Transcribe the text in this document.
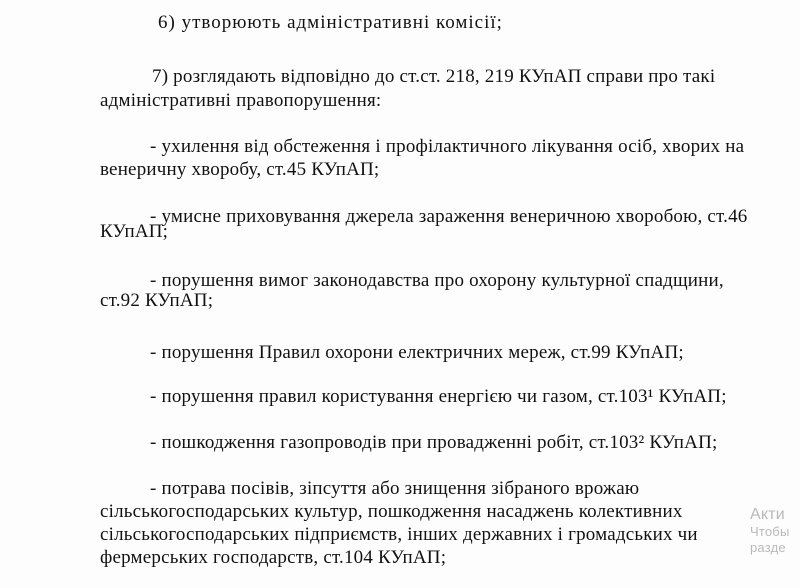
6) утворюють адміністративні комісії;
7) розглядають відповідно до ст.ст. 218, 219 КУпАП справи про такі
адміністративні правопорушення:
- ухилення від обстеження і профілактичного лікування осіб, хворих на
венеричну хворобу, ст.45 КУпАП;
- умисне приховування джерела зараження венеричною хворобою, ст.46
КУпАП;
- порушення вимог законодавства про охорону культурної спадщини,
ст.92 КУпАП;
- порушення Правил охорони електричних мереж, ст.99 КУпАП;
- порушення правил користування енергією чи газом, ст.103¹ КУпАП;
- пошкодження газопроводів при провадженні робіт, ст.103² КУпАП;
- потрава посівів, зіпсуття або знищення зібраного врожаю
сільськогосподарських культур, пошкодження насаджень колективних
сільськогосподарських підприємств, інших державних і громадських чи
фермерських господарств, ст.104 КУпАП;
Акти
Чтобы
разде
